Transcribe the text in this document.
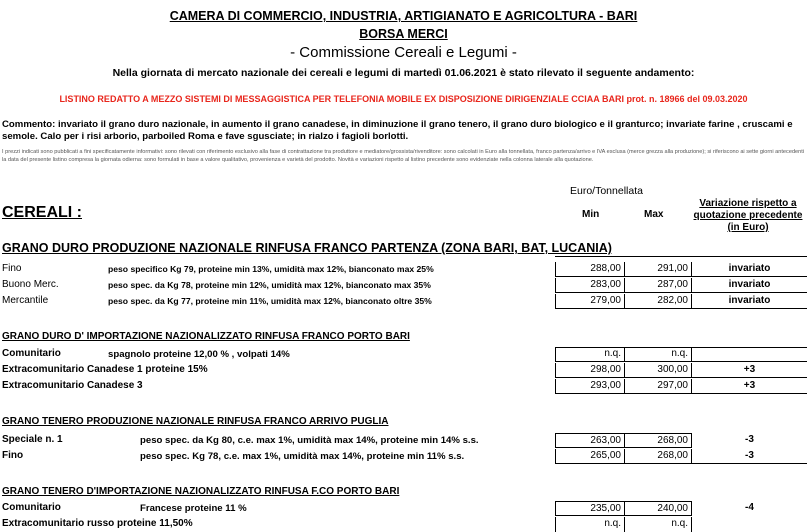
CAMERA DI COMMERCIO, INDUSTRIA, ARTIGIANATO E AGRICOLTURA - BARI
BORSA MERCI
- Commissione Cereali e Legumi -
Nella giornata di mercato nazionale dei cereali e legumi di martedì 01.06.2021 è stato rilevato il seguente andamento:
LISTINO REDATTO A MEZZO SISTEMI DI MESSAGGISTICA PER TELEFONIA MOBILE EX DISPOSIZIONE DIRIGENZIALE CCIAA BARI prot. n. 18966 del 09.03.2020
Commento: invariato il grano duro nazionale, in aumento il grano canadese, in diminuzione il grano tenero, il grano duro biologico e il granturco; invariate farine , cruscami e semole. Calo per i risi arborio, parboiled Roma e fave sgusciate; in rialzo i fagioli borlotti.
I prezzi indicati sono pubblicati a fini specificatamente informativi: sono rilevati con riferimento esclusivo alla fase di contrattazione tra produttore e mediatore/grossista/rivenditore: sono calcolati in Euro alla tonnellata, franco partenza/arrivo e IVA esclusa (merce grezza alla produzione); si riferiscono ai sette giorni antecedenti la data del presente listino compresa la giornata odierna: sono formulati in base a valore qualitativo, provenienza e varietà del prodotto. Novità e variazioni rispetto al listino precedente sono evidenziate nella colonna laterale alla quotazione.
CEREALI :
Euro/Tonnellata
Min	Max
Variazione rispetto a quotazione precedente (in Euro)
GRANO DURO PRODUZIONE NAZIONALE RINFUSA FRANCO PARTENZA (ZONA BARI, BAT, LUCANIA)
Fino	peso specifico Kg 79, proteine min 13%, umidità max 12%, bianconato max 25%	288,00	291,00	invariato
Buono Merc.	peso spec. da Kg 78, proteine min 12%, umidità max 12%, bianconato max 35%	283,00	287,00	invariato
Mercantile	peso spec. da Kg 77, proteine min 11%, umidità max 12%, bianconato oltre 35%	279,00	282,00	invariato
GRANO DURO D' IMPORTAZIONE NAZIONALIZZATO RINFUSA FRANCO PORTO BARI
Comunitario	spagnolo proteine 12,00 % , volpati 14%	n.q.	n.q.
Extracomunitario Canadese 1 proteine 15%	298,00	300,00	+3
Extracomunitario Canadese 3	293,00	297,00	+3
GRANO TENERO PRODUZIONE NAZIONALE RINFUSA FRANCO ARRIVO PUGLIA
Speciale n. 1	peso spec. da Kg 80, c.e. max 1%, umidità max 14%, proteine min 14% s.s.	263,00	268,00	-3
Fino	peso spec. Kg 78, c.e. max 1%, umidità max 14%, proteine min 11% s.s.	265,00	268,00	-3
GRANO TENERO D'IMPORTAZIONE NAZIONALIZZATO RINFUSA F.CO PORTO BARI
Comunitario	Francese proteine 11 %	235,00	240,00	-4
Extracomunitario russo proteine 11,50%	n.q.	n.q.
